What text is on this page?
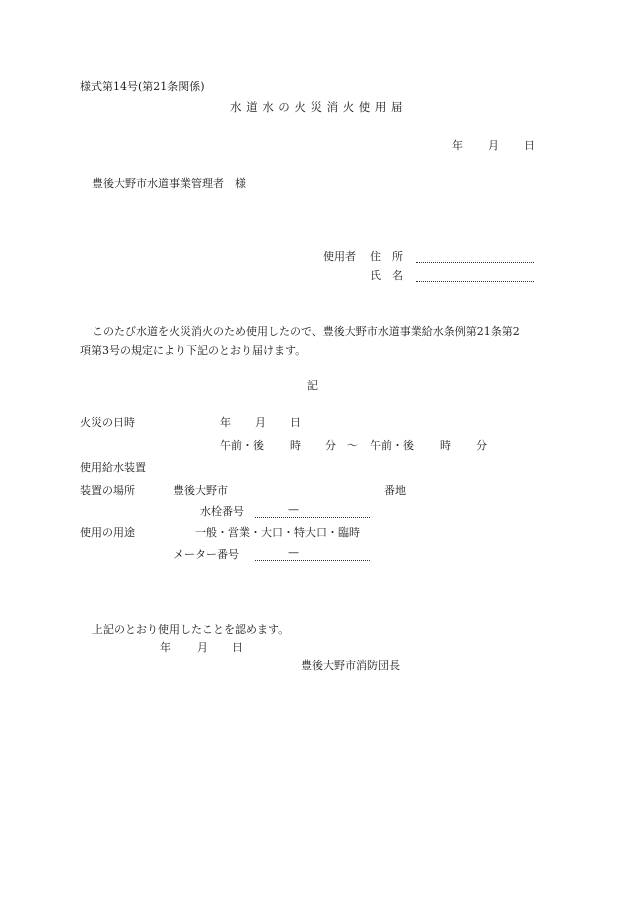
様式第14号(第21条関係)
水道水の火災消火使用届
年 月 日
豊後大野市水道事業管理者　様
使用者 住　所
氏　名
このたび水道を火災消火のため使用したので、豊後大野市水道事業給水条例第21条第2
項第3号の規定により下記のとおり届けます。
記
火災の日時	年 月 日
午前・後 時 分 〜 午前・後 時 分
使用給水装置
装置の場所	豊後大野市	番地
水栓番号	—
使用の用途	一般・営業・大口・特大口・臨時
メーター番号	—
上記のとおり使用したことを認めます。
年 月 日
豊後大野市消防団長
